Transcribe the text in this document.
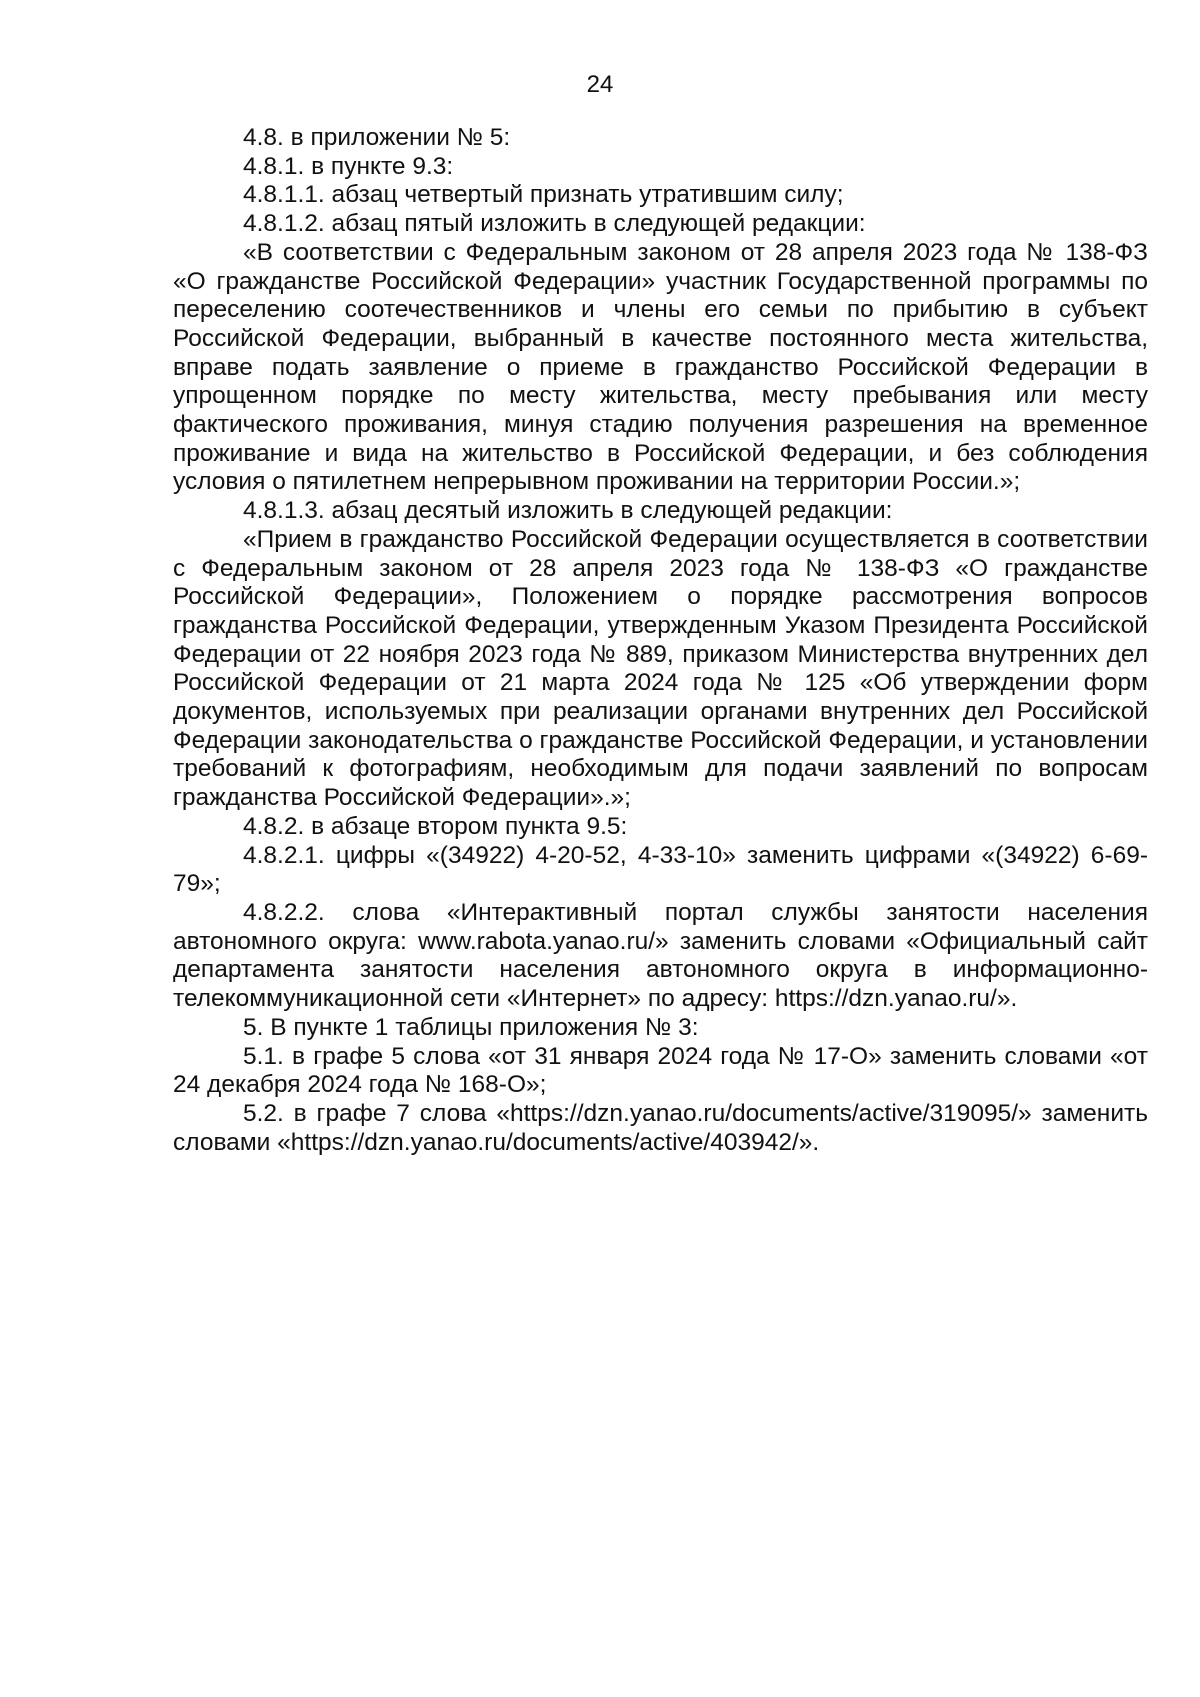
24

4.8. в приложении № 5:

4.8.1. в пункте 9.3:

4.8.1.1. абзац четвертый признать утратившим силу;

4.8.1.2. абзац пятый изложить в следующей редакции:

«В соответствии с Федеральным законом от 28 апреля 2023 года № 138-ФЗ «О гражданстве Российской Федерации» участник Государственной программы по переселению соотечественников и члены его семьи по прибытию в субъект Российской Федерации, выбранный в качестве постоянного места жительства, вправе подать заявление о приеме в гражданство Российской Федерации в упрощенном порядке по месту жительства, месту пребывания или месту фактического проживания, минуя стадию получения разрешения на временное проживание и вида на жительство в Российской Федерации, и без соблюдения условия о пятилетнем непрерывном проживании на территории России.»;

4.8.1.3. абзац десятый изложить в следующей редакции:

«Прием в гражданство Российской Федерации осуществляется в соответствии с Федеральным законом от 28 апреля 2023 года № 138-ФЗ «О гражданстве Российской Федерации», Положением о порядке рассмотрения вопросов гражданства Российской Федерации, утвержденным Указом Президента Российской Федерации от 22 ноября 2023 года № 889, приказом Министерства внутренних дел Российской Федерации от 21 марта 2024 года № 125 «Об утверждении форм документов, используемых при реализации органами внутренних дел Российской Федерации законодательства о гражданстве Российской Федерации, и установлении требований к фотографиям, необходимым для подачи заявлений по вопросам гражданства Российской Федерации».»;

4.8.2. в абзаце втором пункта 9.5:

4.8.2.1. цифры «(34922) 4-20-52, 4-33-10» заменить цифрами «(34922) 6-69-79»;

4.8.2.2. слова «Интерактивный портал службы занятости населения автономного округа: www.rabota.yanao.ru/» заменить словами «Официальный сайт департамента занятости населения автономного округа в информационно-телекоммуникационной сети «Интернет» по адресу: https://dzn.yanao.ru/».

5. В пункте 1 таблицы приложения № 3:

5.1. в графе 5 слова «от 31 января 2024 года № 17-О» заменить словами «от 24 декабря 2024 года № 168-О»;

5.2. в графе 7 слова «https://dzn.yanao.ru/documents/active/319095/» заменить словами «https://dzn.yanao.ru/documents/active/403942/».
